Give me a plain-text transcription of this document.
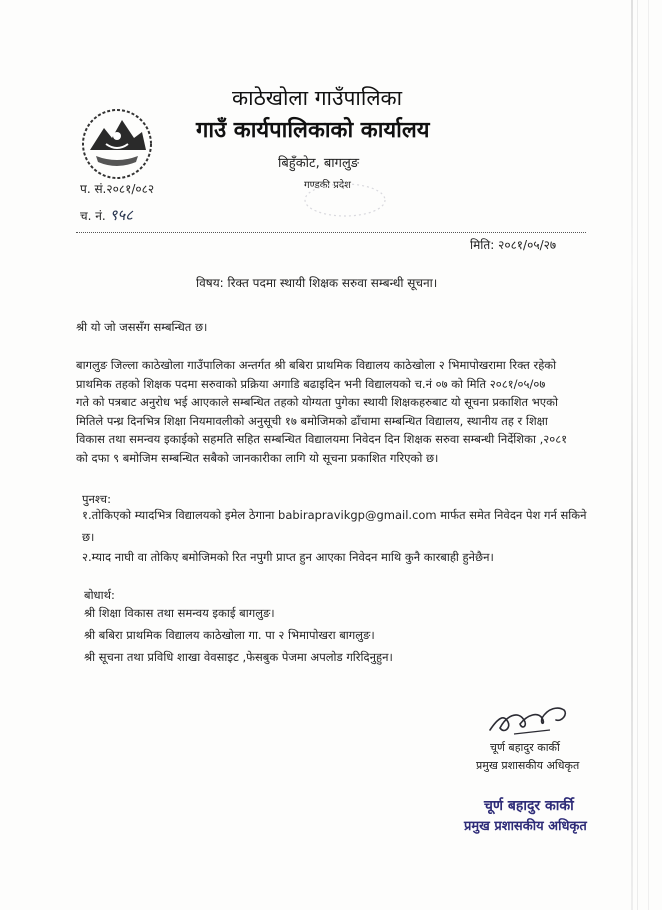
काठेखोला गाउँपालिका
गाउँ कार्यपालिकाको कार्यालय
बिहुँकोट, बागलुङ
गण्डकी प्रदेश
प. सं.२०८१/०८२
च. नं. ९५८
मिति: २०८१/०५/२७
विषय: रिक्त पदमा स्थायी शिक्षक सरुवा सम्बन्धी सूचना।
श्री यो जो जससँग सम्बन्धित छ।

बागलुङ जिल्ला काठेखोला गाउँपालिका अन्तर्गत श्री बबिरा प्राथमिक विद्यालय काठेखोला २ भिमापोखरामा रिक्त रहेको
प्राथमिक तहको शिक्षक पदमा सरुवाको प्रक्रिया अगाडि बढाइदिन भनी विद्यालयको च.नं ०७ को मिति २०८१/०५/०७
गते को पत्रबाट अनुरोध भई आएकाले सम्बन्धित तहको योग्यता पुगेका स्थायी शिक्षकहरुबाट यो सूचना प्रकाशित भएको
मितिले पन्ध्र दिनभित्र शिक्षा नियमावलीको अनुसूची १७ बमोजिमको ढाँचामा सम्बन्धित विद्यालय, स्थानीय तह र शिक्षा
विकास तथा समन्वय इकाईको सहमति सहित सम्बन्धित विद्यालयमा निवेदन दिन शिक्षक सरुवा सम्बन्धी निर्देशिका ,२०८१
को दफा ९ बमोजिम सम्बन्धित सबैको जानकारीका लागि यो सूचना प्रकाशित गरिएको छ।

पुनश्च:
१.तोकिएको म्यादभित्र विद्यालयको इमेल ठेगाना babirapravikgp@gmail.com मार्फत समेत निवेदन पेश गर्न सकिने
छ।
२.म्याद नाघी वा तोकिए बमोजिमको रित नपुगी प्राप्त हुन आएका निवेदन माथि कुनै कारबाही हुनेछैन।
बोधार्थ:
श्री शिक्षा विकास तथा समन्वय इकाई बागलुङ।
श्री बबिरा प्राथमिक विद्यालय काठेखोला गा. पा २ भिमापोखरा बागलुङ।
श्री सूचना तथा प्रविधि शाखा वेवसाइट ,फेसबुक पेजमा अपलोड गरिदिनुहुन।
चूर्ण बहादुर कार्की
प्रमुख प्रशासकीय अधिकृत
चूर्ण बहादुर कार्की
प्रमुख प्रशासकीय अधिकृत
